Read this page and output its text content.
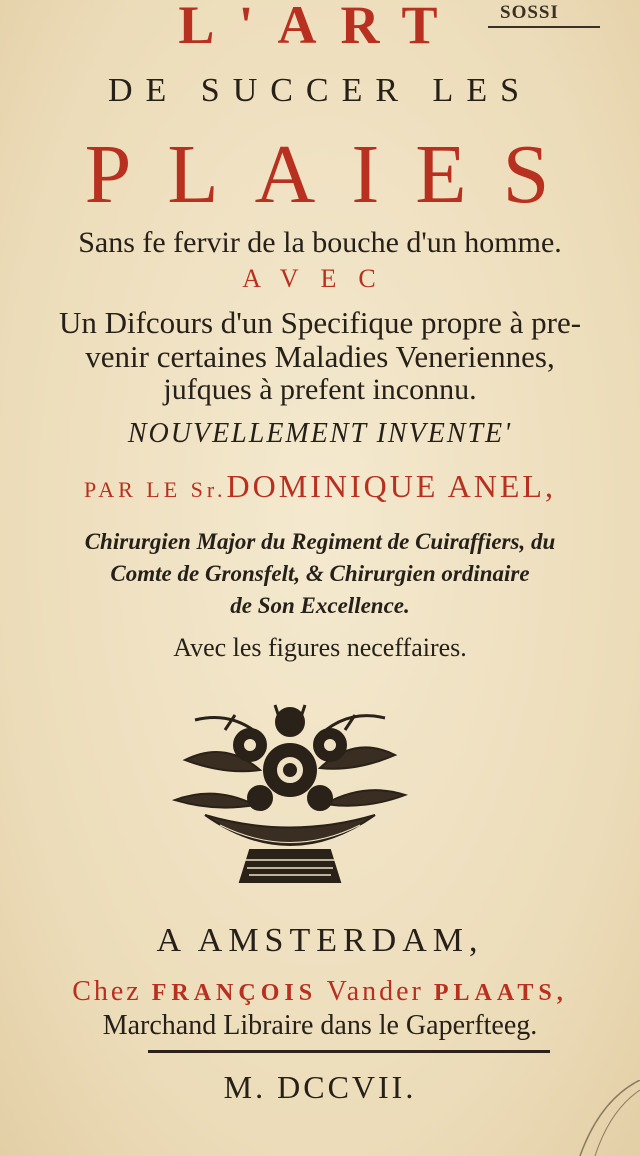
SOSSI
L'ART
DE SUCCER LES
PLAIES
Sans fe fervir de la bouche d'un homme.
AVEC
Un Difcours d'un Specifique propre à pre-
venir certaines Maladies Veneriennes,
jufques à prefent inconnu.
NOUVELLEMENT INVENTE'
PAR LE Sr.DOMINIQUE ANEL,
Chirurgien Major du Regiment de Cuiraffiers, du
Comte de Gronsfelt, & Chirurgien ordinaire
de Son Excellence.
Avec les figures neceffaires.
A AMSTERDAM,
Chez FRANÇOIS Vander PLAATS,
Marchand Libraire dans le Gaperfteeg.
M. DCCVII.
